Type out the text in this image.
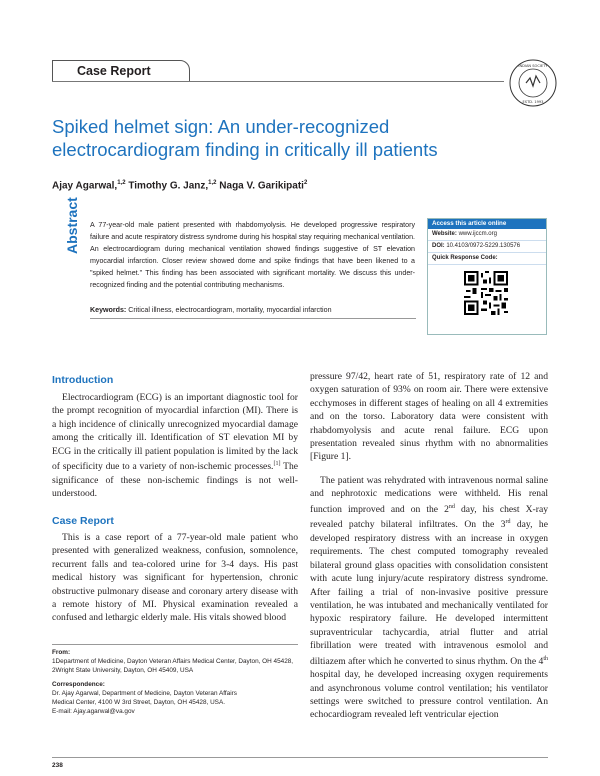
Case Report	INDIAN SOCIETY
ESTD. 1993
Spiked helmet sign: An under-recognized electrocardiogram finding in critically ill patients
Ajay Agarwal,$^{1,2}$ Timothy G. Janz,$^{1,2}$ Naga V. Garikipati$^2$
Abstract A 77-year-old male patient presented with rhabdomyolysis. He developed progressive respiratory failure and acute respiratory distress syndrome during his hospital stay requiring mechanical ventilation. An electrocardiogram during mechanical ventilation showed findings suggestive of ST elevation myocardial infarction. Closer review showed dome and spike findings that have been likened to a "spiked helmet." This finding has been associated with significant mortality. We discuss this under-recognized finding and the potential contributing mechanisms.
Keywords: Critical illness, electrocardiogram, mortality, myocardial infarction
Access this article online
Website: www.ijccm.org
DOI: 10.4103/0972-5229.130576
Quick Response Code:
Introduction
Electrocardiogram (ECG) is an important diagnostic tool for the prompt recognition of myocardial infarction (MI). There is a high incidence of clinically unrecognized myocardial damage among the critically ill. Identification of ST elevation MI by ECG in the critically ill patient population is limited by the lack of specificity due to a variety of non-ischemic processes.[1] The significance of these non-ischemic findings is not well-understood.
Case Report
This is a case report of a 77-year-old male patient who presented with generalized weakness, confusion, somnolence, recurrent falls and tea-colored urine for 3-4 days. His past medical history was significant for hypertension, chronic obstructive pulmonary disease and coronary artery disease with a remote history of MI. Physical examination revealed a confused and lethargic elderly male. His vitals showed blood
From:
1Department of Medicine, Dayton Veteran Affairs Medical Center, Dayton, OH 45428, 2Wright State University, Dayton, OH 45409, USA
Correspondence:
Dr. Ajay Agarwal, Department of Medicine, Dayton Veteran Affairs
Medical Center, 4100 W 3rd Street, Dayton, OH 45428, USA.
E-mail: Ajay.agarwal@va.gov
pressure 97/42, heart rate of 51, respiratory rate of 12 and oxygen saturation of 93% on room air. There were extensive ecchymoses in different stages of healing on all 4 extremities and on the torso. Laboratory data were consistent with rhabdomyolysis and acute renal failure. ECG upon presentation revealed sinus rhythm with no abnormalities [Figure 1].
The patient was rehydrated with intravenous normal saline and nephrotoxic medications were withheld. His renal function improved and on the 2nd day, his chest X-ray revealed patchy bilateral infiltrates. On the 3rd day, he developed respiratory distress with an increase in oxygen requirements. The chest computed tomography revealed bilateral ground glass opacities with consolidation consistent with acute lung injury/acute respiratory distress syndrome. After failing a trial of non-invasive positive pressure ventilation, he was intubated and mechanically ventilated for hypoxic respiratory failure. He developed intermittent supraventricular tachycardia, atrial flutter and atrial fibrillation were treated with intravenous esmolol and diltiazem after which he converted to sinus rhythm. On the 4th hospital day, he developed increasing oxygen requirements and asynchronous volume control ventilation; his ventilator settings were switched to pressure control ventilation. An echocardiogram revealed left ventricular ejection
238
